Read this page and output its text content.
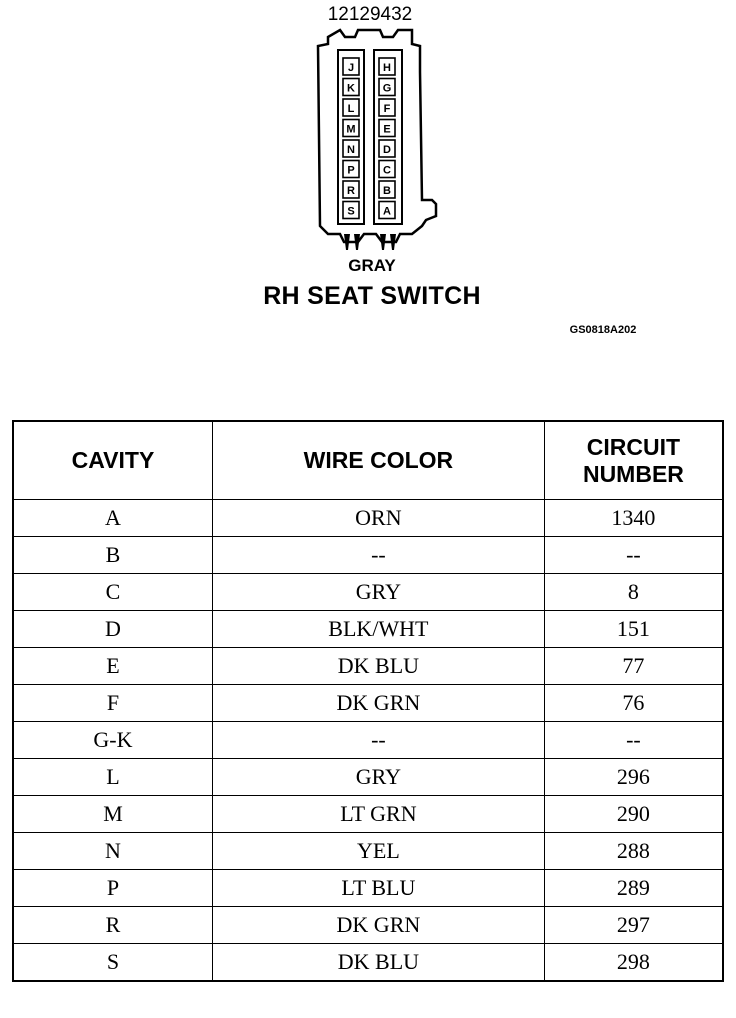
12129432
J
K
L
M
N
P
R
S
H
G
F
E
D
C
B
A
GRAY
RH SEAT SWITCH
GS0818A202
CAVITY	WIRE COLOR	CIRCUIT
NUMBER
A	ORN	1340
B	--	--
C	GRY	8
D	BLK/WHT	151
E	DK BLU	77
F	DK GRN	76
G-K	--	--
L	GRY	296
M	LT GRN	290
N	YEL	288
P	LT BLU	289
R	DK GRN	297
S	DK BLU	298
